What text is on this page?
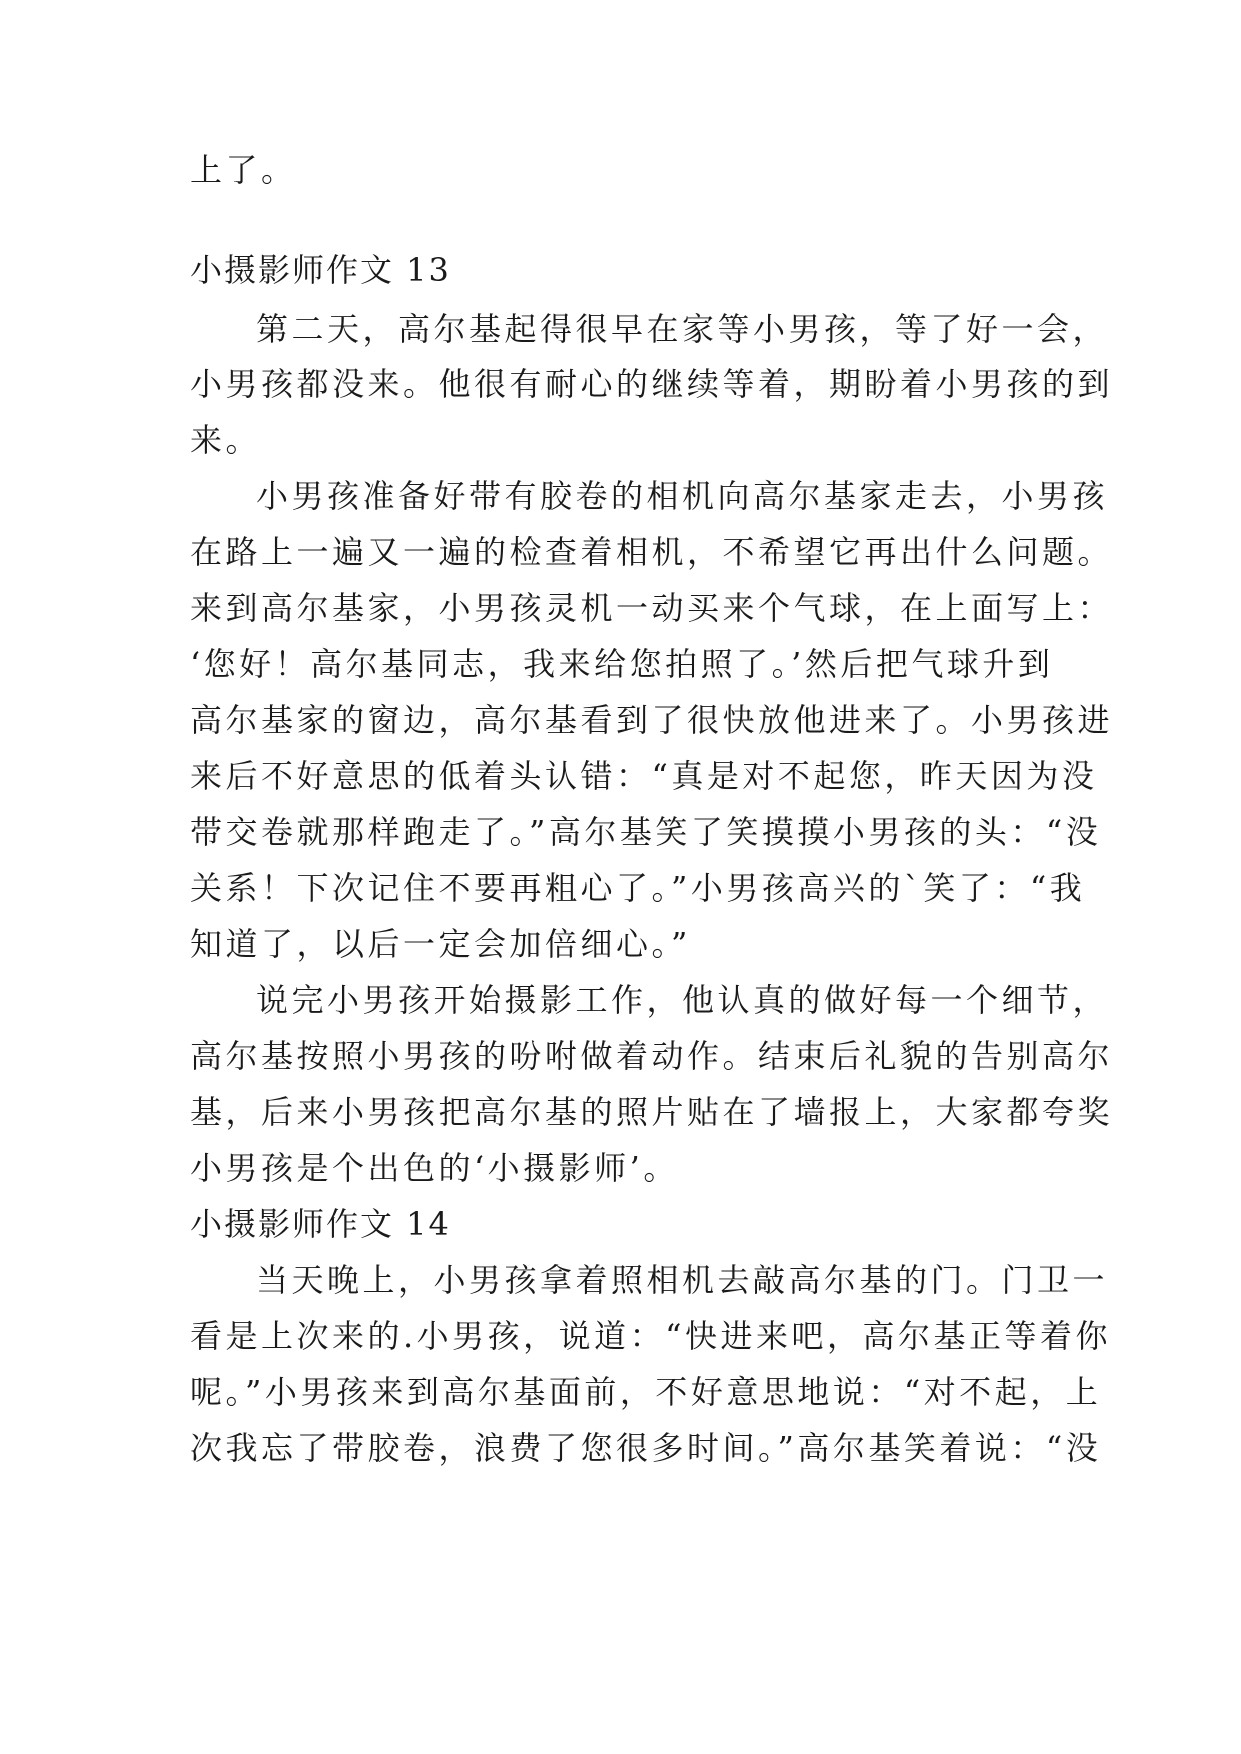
上了。
小摄影师作文 13
第二天，高尔基起得很早在家等小男孩，等了好一会，
小男孩都没来。他很有耐心的继续等着，期盼着小男孩的到
来。
小男孩准备好带有胶卷的相机向高尔基家走去，小男孩
在路上一遍又一遍的检查着相机，不希望它再出什么问题。
来到高尔基家，小男孩灵机一动买来个气球，在上面写上：
‘您好！高尔基同志，我来给您拍照了。’然后把气球升到
高尔基家的窗边，高尔基看到了很快放他进来了。小男孩进
来后不好意思的低着头认错：“真是对不起您，昨天因为没
带交卷就那样跑走了。”高尔基笑了笑摸摸小男孩的头：“没
关系！下次记住不要再粗心了。”小男孩高兴的`笑了：“我
知道了，以后一定会加倍细心。”
说完小男孩开始摄影工作，他认真的做好每一个细节，
高尔基按照小男孩的吩咐做着动作。结束后礼貌的告别高尔
基，后来小男孩把高尔基的照片贴在了墙报上，大家都夸奖
小男孩是个出色的‘小摄影师’。
小摄影师作文 14
当天晚上，小男孩拿着照相机去敲高尔基的门。门卫一
看是上次来的.小男孩，说道：“快进来吧，高尔基正等着你
呢。”小男孩来到高尔基面前，不好意思地说：“对不起，上
次我忘了带胶卷，浪费了您很多时间。”高尔基笑着说：“没
